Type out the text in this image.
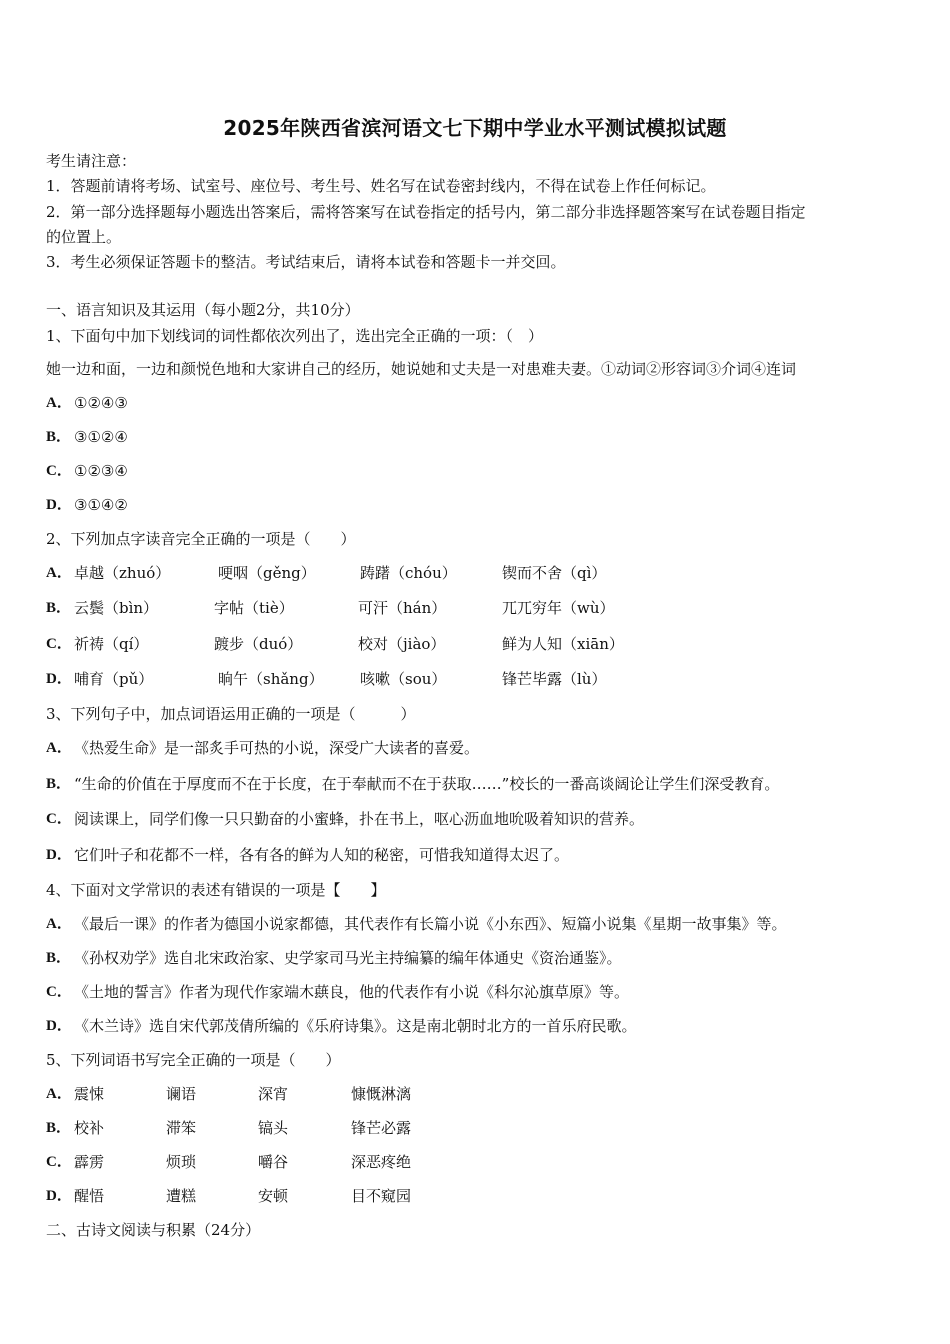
2025年陕西省滨河语文七下期中学业水平测试模拟试题
考生请注意：
1．答题前请将考场、试室号、座位号、考生号、姓名写在试卷密封线内，不得在试卷上作任何标记。
2．第一部分选择题每小题选出答案后，需将答案写在试卷指定的括号内，第二部分非选择题答案写在试卷题目指定
的位置上。
3．考生必须保证答题卡的整洁。考试结束后，请将本试卷和答题卡一并交回。
一、语言知识及其运用（每小题2分，共10分）
1、下面句中加下划线词的词性都依次列出了，选出完全正确的一项：（　）
她一边和面，一边和颜悦色地和大家讲自己的经历，她说她和丈夫是一对患难夫妻。①动词②形容词③介词④连词
A． ①②④③
B． ③①②④
C． ①②③④
D． ③①④②
2、下列加点字读音完全正确的一项是（　　）
A． 卓越（zhuó）	哽咽（gěng）	踌躇（chóu）	锲而不舍（qì）
B． 云鬓（bìn）	字帖（tiè）	可汗（hán）	兀兀穷年（wù）
C． 祈祷（qí）	踱步（duó）	校对（jiào）	鲜为人知（xiān）
D． 哺育（pǔ）	晌午（shǎng） 咳嗽（sou）	锋芒毕露（lù）
3、下列句子中，加点词语运用正确的一项是（　　　）
A． 《热爱生命》是一部炙手可热的小说，深受广大读者的喜爱。
B． “生命的价值在于厚度而不在于长度，在于奉献而不在于获取……”校长的一番高谈阔论让学生们深受教育。
C． 阅读课上，同学们像一只只勤奋的小蜜蜂，扑在书上，呕心沥血地吮吸着知识的营养。
D． 它们叶子和花都不一样，各有各的鲜为人知的秘密，可惜我知道得太迟了。
4、下面对文学常识的表述有错误的一项是【　　】
A． 《最后一课》的作者为德国小说家都德，其代表作有长篇小说《小东西》、短篇小说集《星期一故事集》等。
B． 《孙权劝学》选自北宋政治家、史学家司马光主持编纂的编年体通史《资治通鉴》。
C． 《土地的誓言》作者为现代作家端木蕻良，他的代表作有小说《科尔沁旗草原》等。
D． 《木兰诗》选自宋代郭茂倩所编的《乐府诗集》。这是南北朝时北方的一首乐府民歌。
5、下列词语书写完全正确的一项是（　　）
A． 震悚	谰语	深宵	慷慨淋漓
B． 校补	滞笨	镐头	锋芒必露
C． 霹雳	烦琐	嚼谷	深恶疼绝
D． 醒悟	遭糕	安顿	目不窥园
二、古诗文阅读与积累（24分）
